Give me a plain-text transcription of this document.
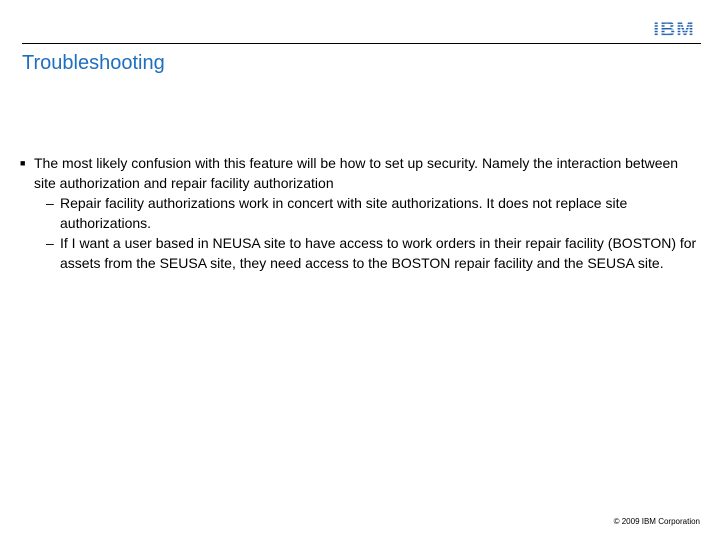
IBM
Troubleshooting
■ The most likely confusion with this feature will be how to set up security. Namely the interaction between site authorization and repair facility authorization
– Repair facility authorizations work in concert with site authorizations. It does not replace site authorizations.
– If I want a user based in NEUSA site to have access to work orders in their repair facility (BOSTON) for assets from the SEUSA site, they need access to the BOSTON repair facility and the SEUSA site.
© 2009 IBM Corporation
